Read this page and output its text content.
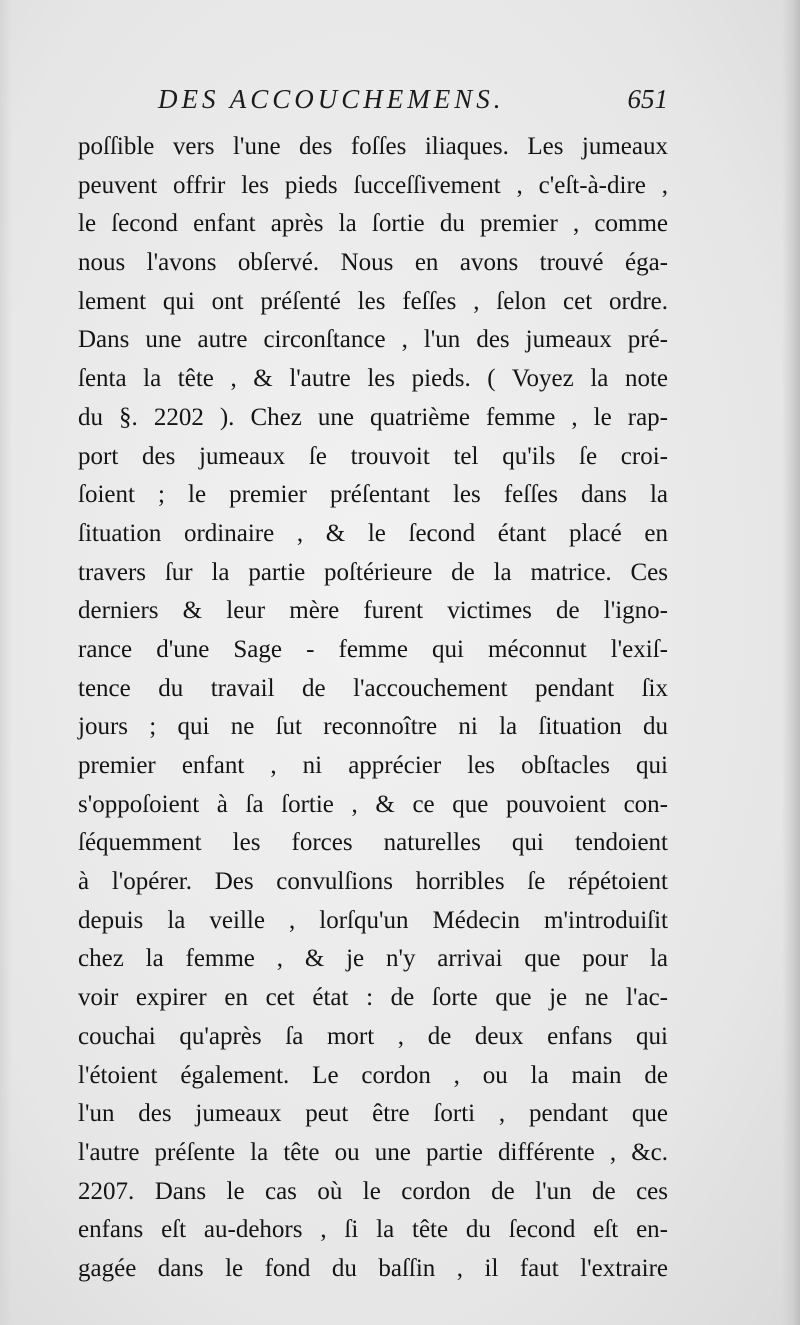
DES ACCOUCHEMENS.	651
poſſible vers l'une des foſſes iliaques. Les jumeaux
peuvent offrir les pieds ſucceſſivement , c'eſt-à-dire ,
le ſecond enfant après la ſortie du premier , comme
nous l'avons obſervé. Nous en avons trouvé éga-
lement qui ont préſenté les feſſes , ſelon cet ordre.
Dans une autre circonſtance , l'un des jumeaux pré-
ſenta la tête , & l'autre les pieds. ( Voyez la note
du §. 2202 ). Chez une quatrième femme , le rap-
port des jumeaux ſe trouvoit tel qu'ils ſe croi-
ſoient ; le premier préſentant les feſſes dans la
ſituation ordinaire , & le ſecond étant placé en
travers ſur la partie poſtérieure de la matrice. Ces
derniers & leur mère furent victimes de l'igno-
rance d'une Sage - femme qui méconnut l'exiſ-
tence du travail de l'accouchement pendant ſix
jours ; qui ne ſut reconnoître ni la ſituation du
premier enfant , ni apprécier les obſtacles qui
s'oppoſoient à ſa ſortie , & ce que pouvoient con-
ſéquemment les forces naturelles qui tendoient
à l'opérer. Des convulſions horribles ſe répétoient
depuis la veille , lorſqu'un Médecin m'introduiſit
chez la femme , & je n'y arrivai que pour la
voir expirer en cet état : de ſorte que je ne l'ac-
couchai qu'après ſa mort , de deux enfans qui
l'étoient également. Le cordon , ou la main de
l'un des jumeaux peut être ſorti , pendant que
l'autre préſente la tête ou une partie différente , &c.
2207. Dans le cas où le cordon de l'un de ces
enfans eſt au-dehors , ſi la tête du ſecond eſt en-
gagée dans le fond du baſſin , il faut l'extraire
